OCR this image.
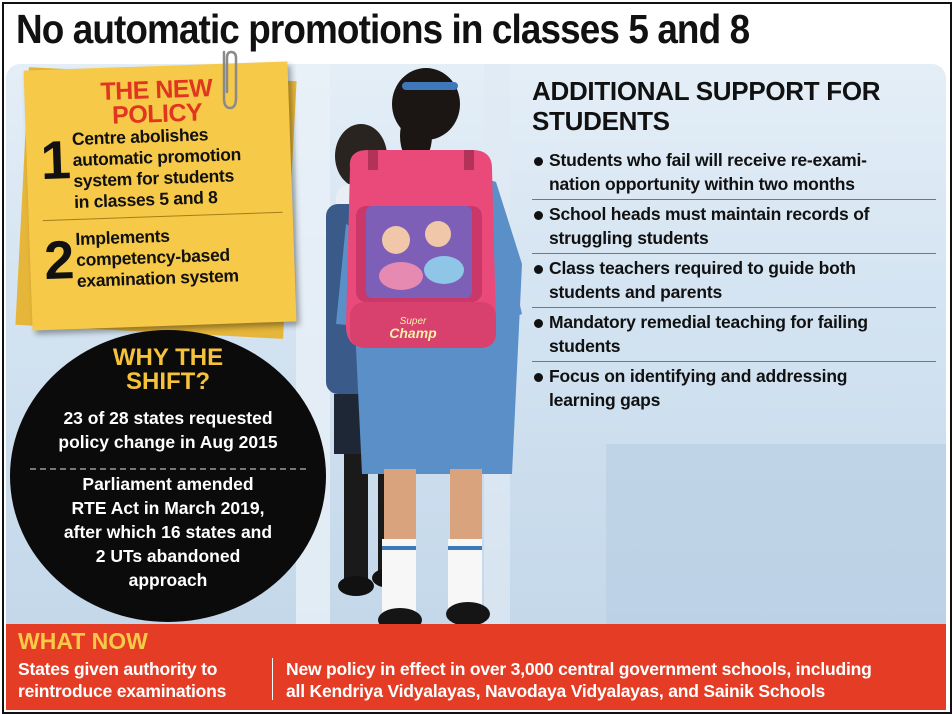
No automatic promotions in classes 5 and 8
Super
Champ
THE NEW
POLICY
1 Centre abolishes
automatic promotion
system for students
in classes 5 and 8
2 Implements
competency-based
examination system
WHY THE
SHIFT?
23 of 28 states requested
policy change in Aug 2015
Parliament amended
RTE Act in March 2019,
after which 16 states and
2 UTs abandoned
approach
ADDITIONAL SUPPORT FOR
STUDENTS
Students who fail will receive re-exami-
nation opportunity within two months
School heads must maintain records of
struggling students
Class teachers required to guide both
students and parents
Mandatory remedial teaching for failing
students
Focus on identifying and addressing
learning gaps
WHAT NOW
States given authority to
reintroduce examinations
New policy in effect in over 3,000 central government schools, including
all Kendriya Vidyalayas, Navodaya Vidyalayas, and Sainik Schools
